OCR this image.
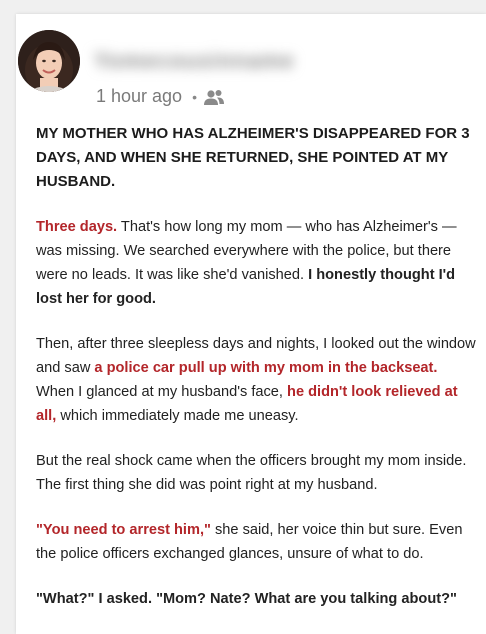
Yomecousinname
1 hour ago •

MY MOTHER WHO HAS ALZHEIMER'S DISAPPEARED FOR 3 DAYS, AND WHEN SHE RETURNED, SHE POINTED AT MY HUSBAND.

Three days. That's how long my mom — who has Alzheimer's — was missing. We searched everywhere with the police, but there were no leads. It was like she'd vanished. I honestly thought I'd lost her for good.

Then, after three sleepless days and nights, I looked out the window and saw a police car pull up with my mom in the backseat. When I glanced at my husband's face, he didn't look relieved at all, which immediately made me uneasy.

But the real shock came when the officers brought my mom inside. The first thing she did was point right at my husband.

"You need to arrest him," she said, her voice thin but sure. Even the police officers exchanged glances, unsure of what to do.

"What?" I asked. "Mom? Nate? What are you talking about?"
